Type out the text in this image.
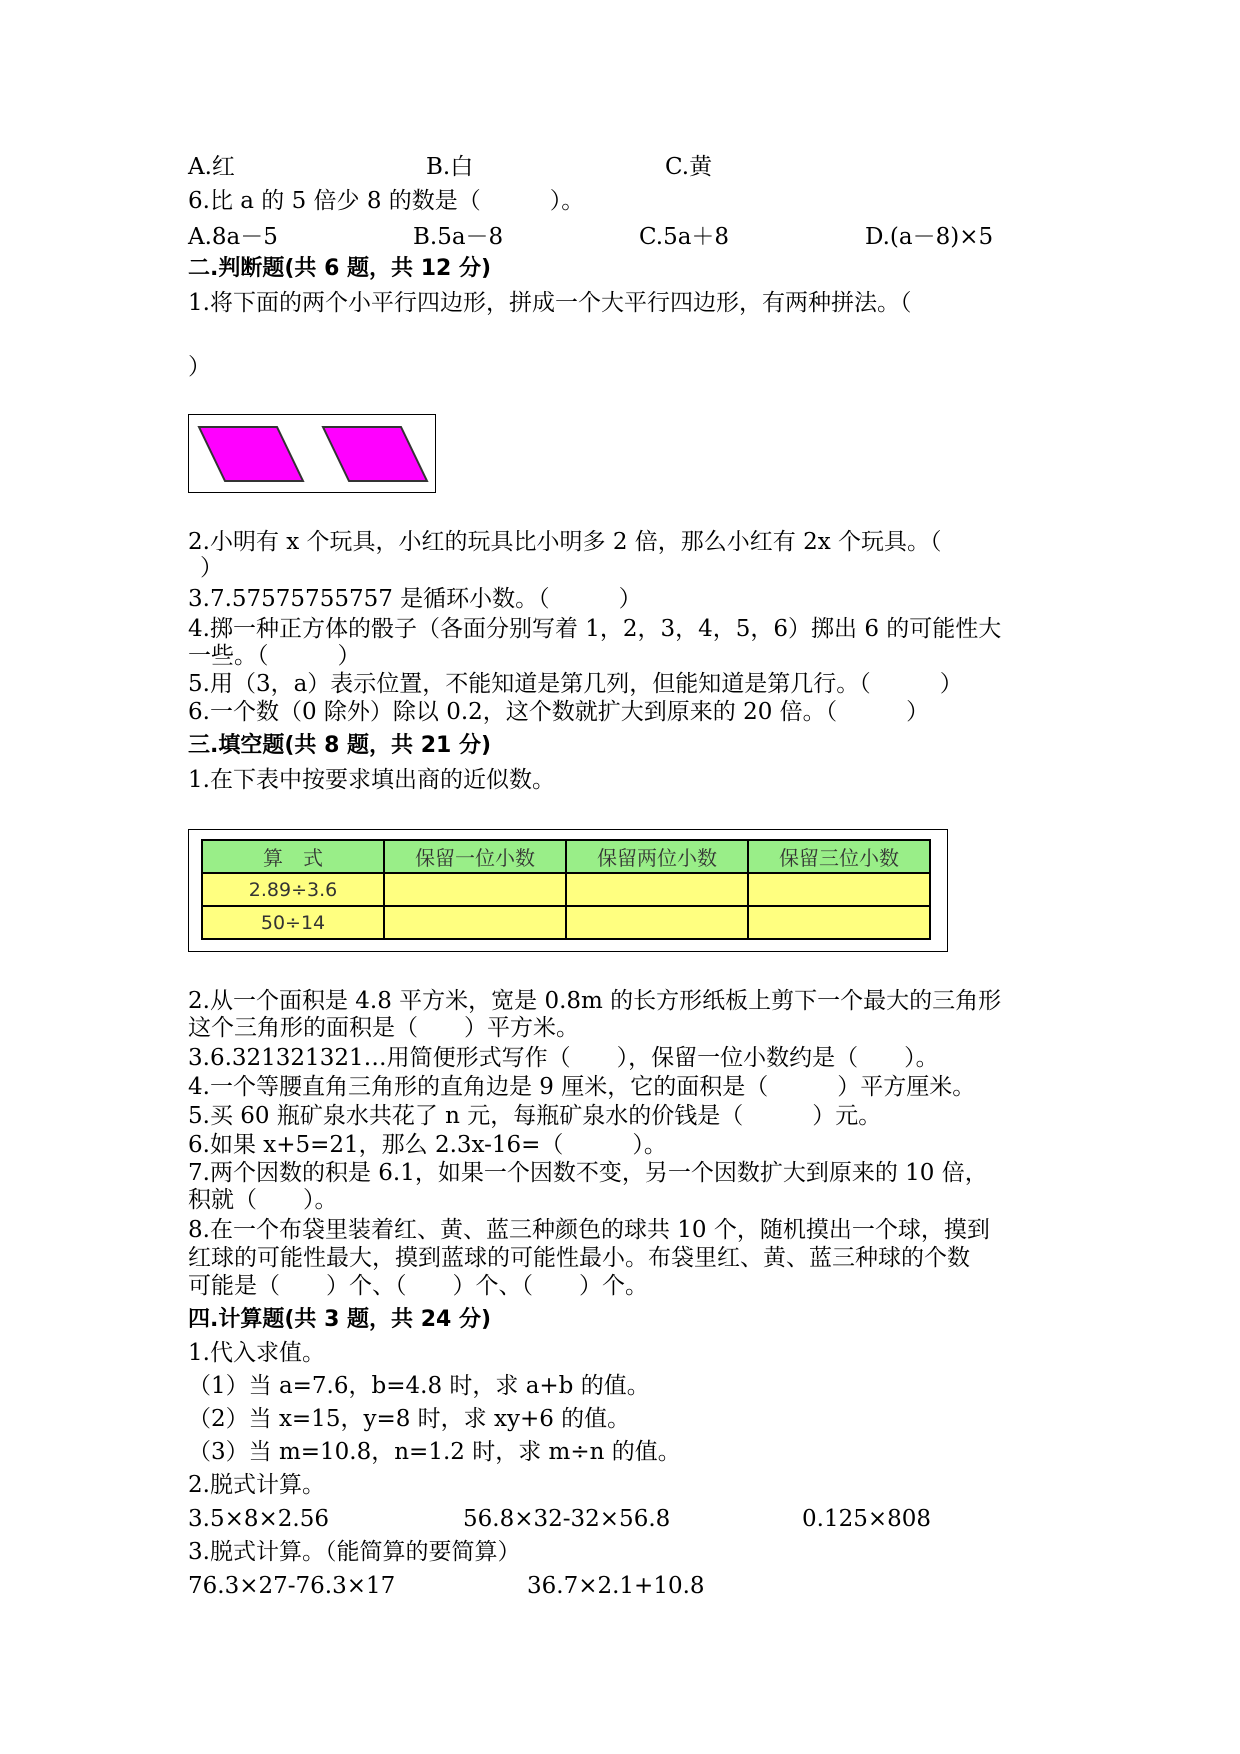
A.红	B.白	C.黄
6.比 a 的 5 倍少 8 的数是（　　　）。
A.8a－5	B.5a－8	C.5a＋8	D.(a－8)×5
二.判断题(共 6 题，共 12 分)
1.将下面的两个小平行四边形，拼成一个大平行四边形，有两种拼法。（
）
2.小明有 x 个玩具，小红的玩具比小明多 2 倍，那么小红有 2x 个玩具。（
）
3.7.57575755757 是循环小数。（　　　）
4.掷一种正方体的骰子（各面分别写着 1，2，3，4，5，6）掷出 6 的可能性大
一些。（　　　）
5.用（3，a）表示位置，不能知道是第几列，但能知道是第几行。（　　　）
6.一个数（0 除外）除以 0.2，这个数就扩大到原来的 20 倍。（　　　）
三.填空题(共 8 题，共 21 分)
1.在下表中按要求填出商的近似数。
算　式	保留一位小数	保留两位小数	保留三位小数
2.89÷3.6			
50÷14			
2.从一个面积是 4.8 平方米，宽是 0.8m 的长方形纸板上剪下一个最大的三角形
这个三角形的面积是（　　）平方米。
3.6.321321321…用简便形式写作（　　），保留一位小数约是（　　）。
4.一个等腰直角三角形的直角边是 9 厘米，它的面积是（　　　）平方厘米。
5.买 60 瓶矿泉水共花了 n 元，每瓶矿泉水的价钱是（　　　）元。
6.如果 x+5=21，那么 2.3x-16=（　　　）。
7.两个因数的积是 6.1，如果一个因数不变，另一个因数扩大到原来的 10 倍，
积就（　　）。
8.在一个布袋里装着红、黄、蓝三种颜色的球共 10 个，随机摸出一个球，摸到
红球的可能性最大，摸到蓝球的可能性最小。布袋里红、黄、蓝三种球的个数
可能是（　　）个、（　　）个、（　　）个。
四.计算题(共 3 题，共 24 分)
1.代入求值。
（1）当 a=7.6，b=4.8 时，求 a+b 的值。
（2）当 x=15，y=8 时，求 xy+6 的值。
（3）当 m=10.8，n=1.2 时，求 m÷n 的值。
2.脱式计算。
3.5×8×2.56	56.8×32-32×56.8	0.125×808
3.脱式计算。（能简算的要简算）
76.3×27-76.3×17	36.7×2.1+10.8
